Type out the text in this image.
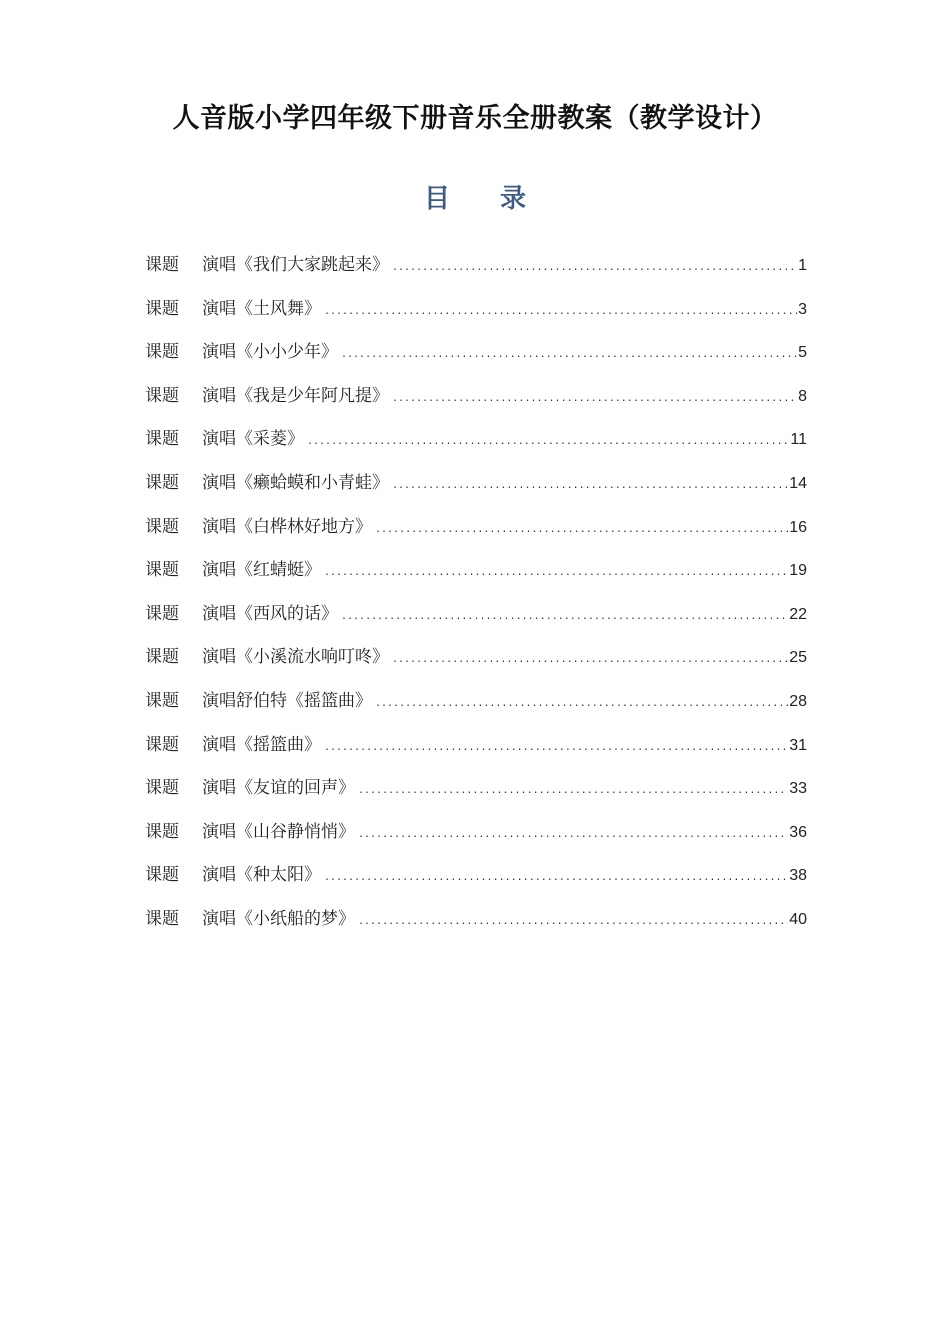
人音版小学四年级下册音乐全册教案（教学设计）
目 录
课题	演唱《我们大家跳起来》 .....	1
课题	演唱《土风舞》 .....	3
课题	演唱《小小少年》 .....	5
课题	演唱《我是少年阿凡提》 .....	8
课题	演唱《采菱》 .....	11
课题	演唱《癞蛤蟆和小青蛙》 .....	14
课题	演唱《白桦林好地方》 .....	16
课题	演唱《红蜻蜓》 .....	19
课题	演唱《西风的话》 .....	22
课题	演唱《小溪流水响叮咚》 .....	25
课题	演唱舒伯特《摇篮曲》 .....	28
课题	演唱《摇篮曲》 .....	31
课题	演唱《友谊的回声》 .....	33
课题	演唱《山谷静悄悄》 .....	36
课题	演唱《种太阳》 .....	38
课题	演唱《小纸船的梦》 .....	40
